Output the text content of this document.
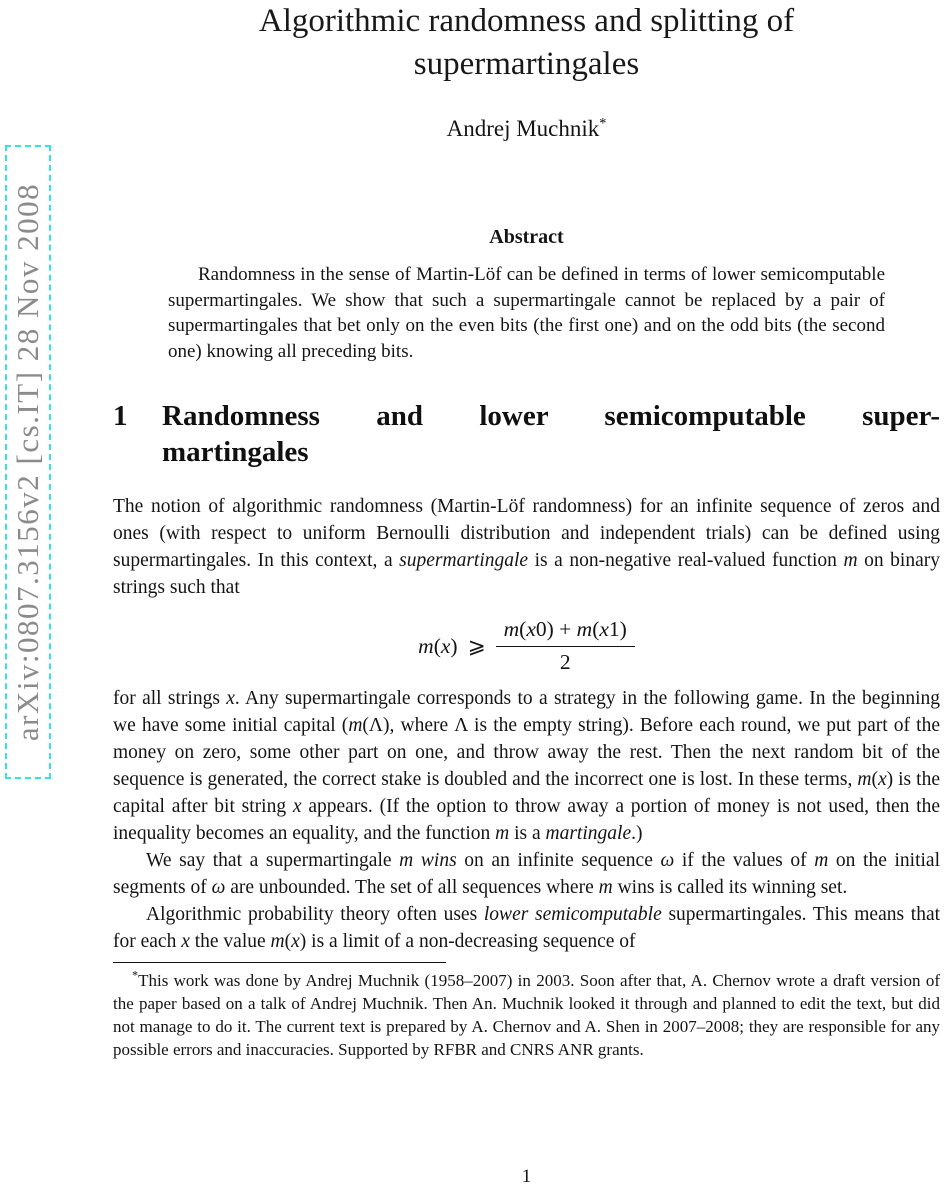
arXiv:0807.3156v2 [cs.IT] 28 Nov 2008
Algorithmic randomness and splitting of supermartingales
Andrej Muchnik*
Abstract

Randomness in the sense of Martin-Löf can be defined in terms of lower semicomputable supermartingales. We show that such a supermartingale cannot be replaced by a pair of supermartingales that bet only on the even bits (the first one) and on the odd bits (the second one) knowing all preceding bits.

1	Randomness and lower semicomputable super-
martingales

The notion of algorithmic randomness (Martin-Löf randomness) for an infinite sequence of zeros and ones (with respect to uniform Bernoulli distribution and independent trials) can be defined using supermartingales. In this context, a supermartingale is a non-negative real-valued function m on binary strings such that

m(x) ⩾ $\frac{m(x0) + m(x1)}{2}$

for all strings x. Any supermartingale corresponds to a strategy in the following game. In the beginning we have some initial capital (m(Λ), where Λ is the empty string). Before each round, we put part of the money on zero, some other part on one, and throw away the rest. Then the next random bit of the sequence is generated, the correct stake is doubled and the incorrect one is lost. In these terms, m(x) is the capital after bit string x appears. (If the option to throw away a portion of money is not used, then the inequality becomes an equality, and the function m is a martingale.)

We say that a supermartingale m wins on an infinite sequence ω if the values of m on the initial segments of ω are unbounded. The set of all sequences where m wins is called its winning set.

Algorithmic probability theory often uses lower semicomputable supermartingales. This means that for each x the value m(x) is a limit of a non-decreasing sequence of

*This work was done by Andrej Muchnik (1958–2007) in 2003. Soon after that, A. Chernov wrote a draft version of the paper based on a talk of Andrej Muchnik. Then An. Muchnik looked it through and planned to edit the text, but did not manage to do it. The current text is prepared by A. Chernov and A. Shen in 2007–2008; they are responsible for any possible errors and inaccuracies. Supported by RFBR and CNRS ANR grants.

1
